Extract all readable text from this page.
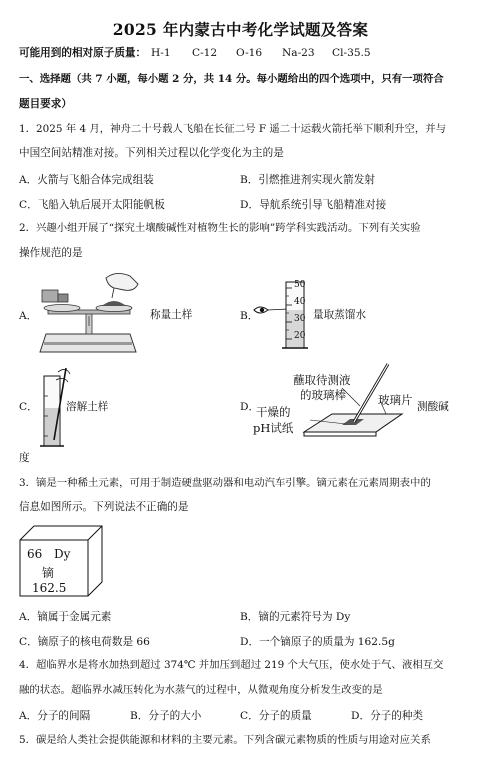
2025 年内蒙古中考化学试题及答案
可能用到的相对原子质量： H-1 C-12 O-16 Na-23 Cl-35.5
一、选择题（共 7 小题，每小题 2 分，共 14 分。每小题给出的四个选项中，只有一项符合
题目要求）
1．2025 年 4 月，神舟二十号载人飞船在长征二号 F 遥二十运载火箭托举下顺利升空，并与
中国空间站精准对接。下列相关过程以化学变化为主的是
A．火箭与飞船合体完成组装	B．引燃推进剂实现火箭发射
C．飞船入轨后展开太阳能帆板	D．导航系统引导飞船精准对接
2．兴趣小组开展了“探究土壤酸碱性对植物生长的影响”跨学科实践活动。下列有关实验
操作规范的是
A．	称量土样	B．
50
40
30
20
量取蒸馏水
C．	溶解土样	D．
蘸取待测液
的玻璃棒	玻璃片 测酸碱
干燥的
pH试纸
度
3．镝是一种稀土元素，可用于制造硬盘驱动器和电动汽车引擎。镝元素在元素周期表中的
信息如图所示。下列说法不正确的是
66 Dy
镝
162.5
A．镝属于金属元素	B．镝的元素符号为 Dy
C．镝原子的核电荷数是 66	D．一个镝原子的质量为 162.5g
4．超临界水是将水加热到超过 374℃ 并加压到超过 219 个大气压，使水处于气、液相互交
融的状态。超临界水减压转化为水蒸气的过程中，从微观角度分析发生改变的是
A．分子的间隔	B．分子的大小	C．分子的质量	D．分子的种类
5．碳是给人类社会提供能源和材料的主要元素。下列含碳元素物质的性质与用途对应关系
